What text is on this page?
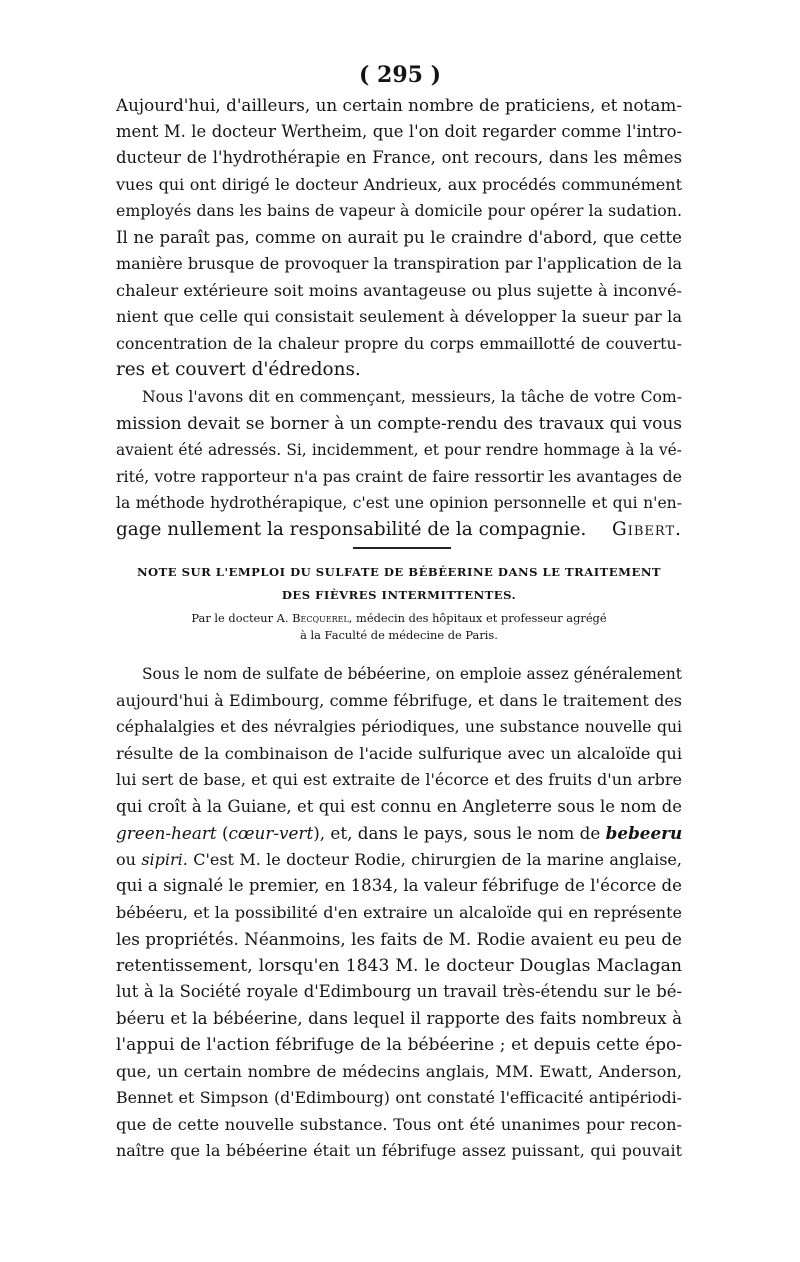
( 295 )
Aujourd'hui, d'ailleurs, un certain nombre de praticiens, et notam-
ment M. le docteur Wertheim, que l'on doit regarder comme l'intro-
ducteur de l'hydrothérapie en France, ont recours, dans les mêmes
vues qui ont dirigé le docteur Andrieux, aux procédés communément
employés dans les bains de vapeur à domicile pour opérer la sudation.
Il ne paraît pas, comme on aurait pu le craindre d'abord, que cette
manière brusque de provoquer la transpiration par l'application de la
chaleur extérieure soit moins avantageuse ou plus sujette à inconvé-
nient que celle qui consistait seulement à développer la sueur par la
concentration de la chaleur propre du corps emmaillotté de couvertu-
res et couvert d'édredons.
Nous l'avons dit en commençant, messieurs, la tâche de votre Com-
mission devait se borner à un compte-rendu des travaux qui vous
avaient été adressés. Si, incidemment, et pour rendre hommage à la vé-
rité, votre rapporteur n'a pas craint de faire ressortir les avantages de
la méthode hydrothérapique, c'est une opinion personnelle et qui n'en-
gage nullement la responsabilité de la compagnie. Gibert.
NOTE SUR L'EMPLOI DU SULFATE DE BÉBÉERINE DANS LE TRAITEMENT
DES FIÈVRES INTERMITTENTES.
Par le docteur A. Becquerel, médecin des hôpitaux et professeur agrégé
à la Faculté de médecine de Paris.
Sous le nom de sulfate de bébéerine, on emploie assez généralement
aujourd'hui à Edimbourg, comme fébrifuge, et dans le traitement des
céphalalgies et des névralgies périodiques, une substance nouvelle qui
résulte de la combinaison de l'acide sulfurique avec un alcaloïde qui
lui sert de base, et qui est extraite de l'écorce et des fruits d'un arbre
qui croît à la Guiane, et qui est connu en Angleterre sous le nom de
green-heart (cœur-vert), et, dans le pays, sous le nom de bebeeru
ou sipiri. C'est M. le docteur Rodie, chirurgien de la marine anglaise,
qui a signalé le premier, en 1834, la valeur fébrifuge de l'écorce de
bébéeru, et la possibilité d'en extraire un alcaloïde qui en représente
les propriétés. Néanmoins, les faits de M. Rodie avaient eu peu de
retentissement, lorsqu'en 1843 M. le docteur Douglas Maclagan
lut à la Société royale d'Edimbourg un travail très-étendu sur le bé-
béeru et la bébéerine, dans lequel il rapporte des faits nombreux à
l'appui de l'action fébrifuge de la bébéerine ; et depuis cette épo-
que, un certain nombre de médecins anglais, MM. Ewatt, Anderson,
Bennet et Simpson (d'Edimbourg) ont constaté l'efficacité antipériodi-
que de cette nouvelle substance. Tous ont été unanimes pour recon-
naître que la bébéerine était un fébrifuge assez puissant, qui pouvait
